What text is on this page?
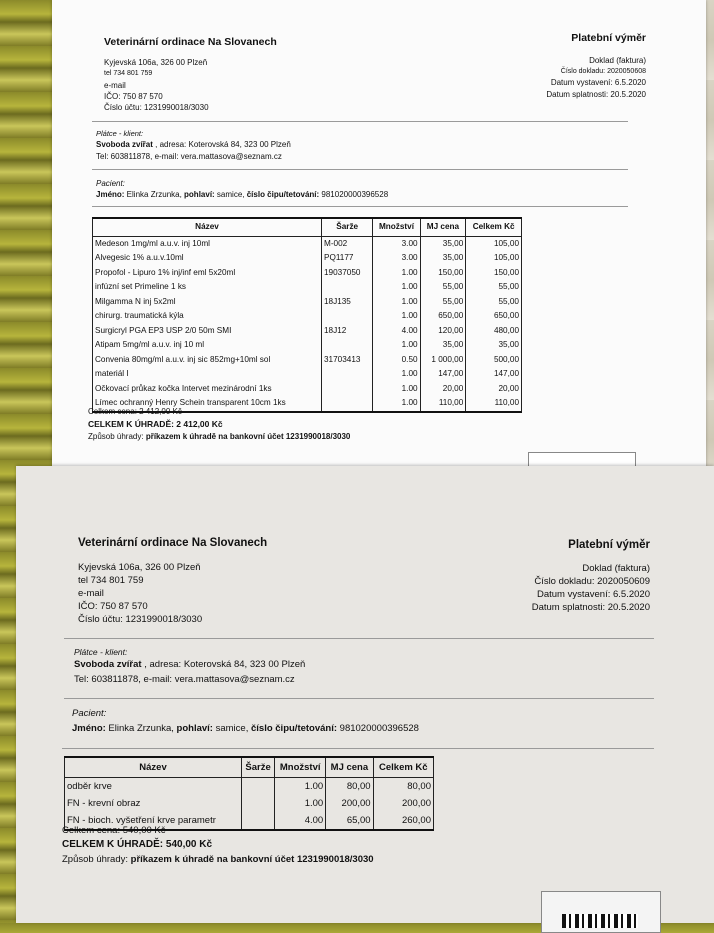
Veterinární ordinace Na Slovanech	Platební výměr
Kyjevská 106a, 326 00 Plzeň
tel 734 801 759
e-mail
IČO: 750 87 570
Číslo účtu: 1231990018/3030
Doklad (faktura)
Číslo dokladu: 2020050608
Datum vystavení: 6.5.2020
Datum splatnosti: 20.5.2020
Plátce - klient:
Svoboda zvířat , adresa: Koterovská 84, 323 00 Plzeň
Tel: 603811878, e-mail: vera.mattasova@seznam.cz
Pacient:
Jméno: Elinka Zrzunka, pohlaví: samice, číslo čipu/tetování: 981020000396528
Název	Šarže	Množství	MJ cena	Celkem Kč
Medeson 1mg/ml a.u.v. inj 10ml	M-002	3.00	35,00	105,00
Alvegesic 1% a.u.v.10ml	PQ1177	3.00	35,00	105,00
Propofol - Lipuro 1% inj/inf eml 5x20ml	19037050	1.00	150,00	150,00
infúzní set Primeline 1 ks		1.00	55,00	55,00
Milgamma N inj 5x2ml	18J135	1.00	55,00	55,00
chirurg. traumatická kýla		1.00	650,00	650,00
Surgicryl PGA EP3 USP 2/0 50m SMI	18J12	4.00	120,00	480,00
Atipam 5mg/ml a.u.v. inj 10 ml		1.00	35,00	35,00
Convenia 80mg/ml a.u.v. inj sic 852mg+10ml sol	31703413	0.50	1 000,00	500,00
materiál I		1.00	147,00	147,00
Očkovací průkaz kočka Intervet mezinárodní 1ks		1.00	20,00	20,00
Límec ochranný Henry Schein transparent 10cm 1ks		1.00	110,00	110,00
Celkem cena: 2 412,00 Kč
CELKEM K ÚHRADĚ: 2 412,00 Kč
Způsob úhrady: příkazem k úhradě na bankovní účet 1231990018/3030
Veterinární ordinace Na Slovanech	Platební výměr
Kyjevská 106a, 326 00 Plzeň
tel 734 801 759
e-mail
IČO: 750 87 570
Číslo účtu: 1231990018/3030
Doklad (faktura)
Číslo dokladu: 2020050609
Datum vystavení: 6.5.2020
Datum splatnosti: 20.5.2020
Plátce - klient:
Svoboda zvířat , adresa: Koterovská 84, 323 00 Plzeň
Tel: 603811878, e-mail: vera.mattasova@seznam.cz
Pacient:
Jméno: Elinka Zrzunka, pohlaví: samice, číslo čipu/tetování: 981020000396528
Název	Šarže	Množství	MJ cena	Celkem Kč
odběr krve		1.00	80,00	80,00
FN - krevní obraz		1.00	200,00	200,00
FN - bioch. vyšetření krve parametr		4.00	65,00	260,00
Celkem cena: 540,00 Kč
CELKEM K ÚHRADĚ: 540,00 Kč
Způsob úhrady: příkazem k úhradě na bankovní účet 1231990018/3030
